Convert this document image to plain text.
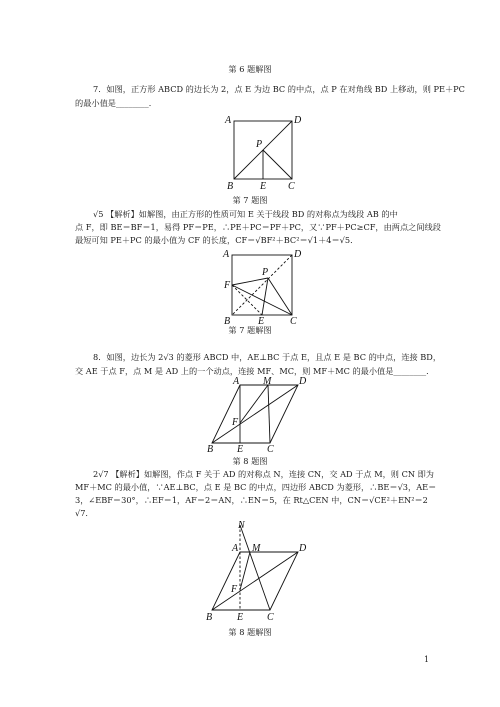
第 6 题解图
7．如图，正方形 ABCD 的边长为 2，点 E 为边 BC 的中点，点 P 在对角线 BD 上移动，则 PE＋PC
的最小值是________．
A	D
P
B	E C
第 7 题图
√5 【解析】如解图，由正方形的性质可知 E 关于线段 BD 的对称点为线段 AB 的中
点 F，即 BE＝BF＝1，易得 PF＝PE，∴PE＋PC＝PF＋PC，又∵PF＋PC≥CF，由两点之间线段
最短可知 PE＋PC 的最小值为 CF 的长度，CF＝√BF²＋BC²＝√1＋4＝√5．
A	D
F
P
B	E	C
第 7 题解图
8．如图，边长为 2√3 的菱形 ABCD 中，AE⊥BC 于点 E，且点 E 是 BC 的中点，连接 BD，
交 AE 于点 F，点 M 是 AD 上的一个动点，连接 MF、MC，则 MF＋MC 的最小值是________．
A M	D
F
B E C
第 8 题图
2√7 【解析】如解图，作点 F 关于 AD 的对称点 N，连接 CN，交 AD 于点 M，则 CN 即为
MF＋MC 的最小值，∵AE⊥BC，点 E 是 BC 的中点，四边形 ABCD 为菱形，∴BE＝√3，AE＝
3，∠EBF＝30°，∴EF＝1，AF＝2＝AN，∴EN＝5，在 Rt△CEN 中，CN＝√CE²＋EN²＝2
√7．
N
A M	D
F
B E C
第 8 题解图
1
